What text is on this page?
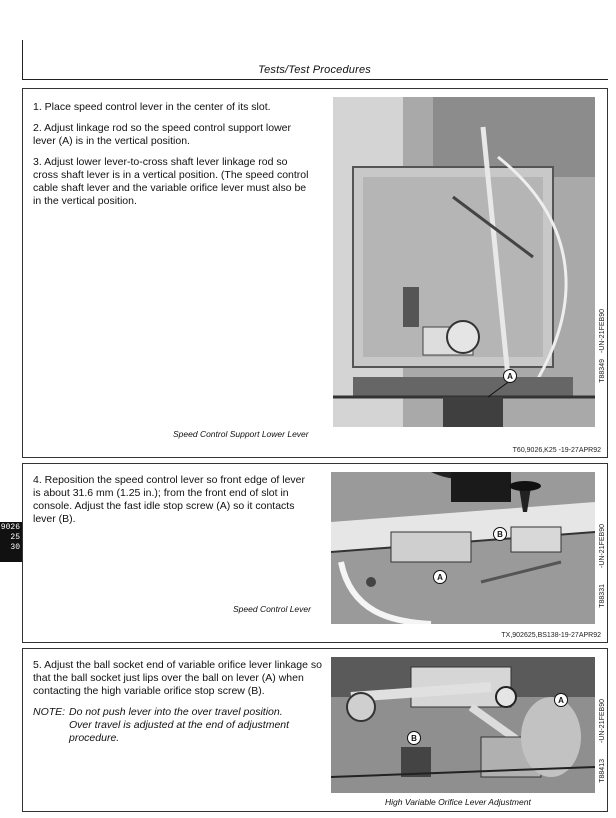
Tests/Test Procedures
9026
25
30

1. Place speed control lever in the center of its slot.

2. Adjust linkage rod so the speed control support lower lever (A) is in the vertical position.

3. Adjust lower lever-to-cross shaft lever linkage rod so cross shaft lever is in a vertical position. (The speed control cable shaft lever and the variable orifice lever must also be in the vertical position.

A
Speed Control Support Lower Lever
T88349
-UN-21FEB90
T60,9026,K25 -19-27APR92

4. Reposition the speed control lever so front edge of lever is about 31.6 mm (1.25 in.); from the front end of slot in console. Adjust the fast idle stop screw (A) so it contacts lever (B).

B
A
Speed Control Lever
T88331
-UN-21FEB90
TX,902625,BS138-19-27APR92

5. Adjust the ball socket end of variable orifice lever linkage so that the ball socket just lips over the ball on lever (A) when contacting the high variable orifice stop screw (B).

NOTE: Do not push lever into the over travel position.
Over travel is adjusted at the end of adjustment procedure.
A
B
High Variable Orifice Lever Adjustment
T88413
-UN-21FEB90
